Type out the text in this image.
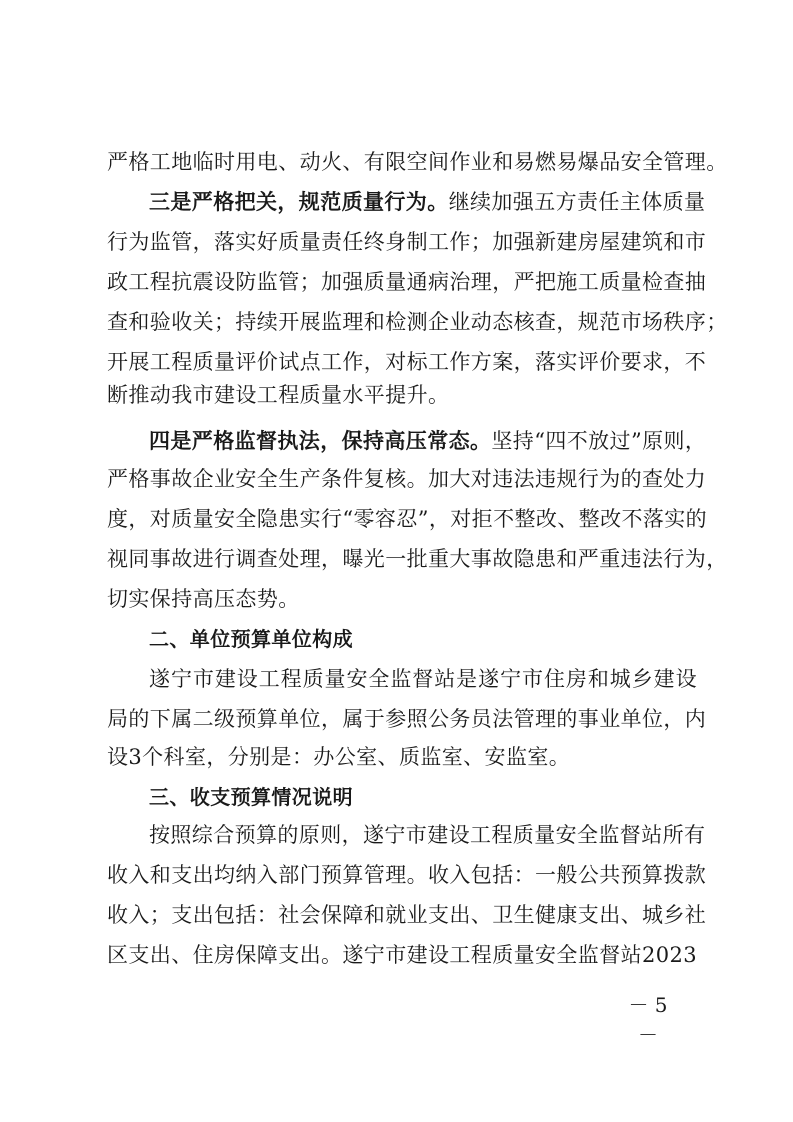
严格工地临时用电、动火、有限空间作业和易燃易爆品安全管理。
三是严格把关，规范质量行为。继续加强五方责任主体质量
行为监管，落实好质量责任终身制工作；加强新建房屋建筑和市
政工程抗震设防监管；加强质量通病治理，严把施工质量检查抽
查和验收关；持续开展监理和检测企业动态核查，规范市场秩序；
开展工程质量评价试点工作，对标工作方案，落实评价要求，不
断推动我市建设工程质量水平提升。
四是严格监督执法，保持高压常态。坚持“四不放过”原则，
严格事故企业安全生产条件复核。加大对违法违规行为的查处力
度，对质量安全隐患实行“零容忍”，对拒不整改、整改不落实的
视同事故进行调查处理，曝光一批重大事故隐患和严重违法行为，
切实保持高压态势。
二、单位预算单位构成
遂宁市建设工程质量安全监督站是遂宁市住房和城乡建设
局的下属二级预算单位，属于参照公务员法管理的事业单位，内
设3个科室，分别是：办公室、质监室、安监室。
三、收支预算情况说明
按照综合预算的原则，遂宁市建设工程质量安全监督站所有
收入和支出均纳入部门预算管理。收入包括：一般公共预算拨款
收入；支出包括：社会保障和就业支出、卫生健康支出、城乡社
区支出、住房保障支出。遂宁市建设工程质量安全监督站2023
－ 5 －
